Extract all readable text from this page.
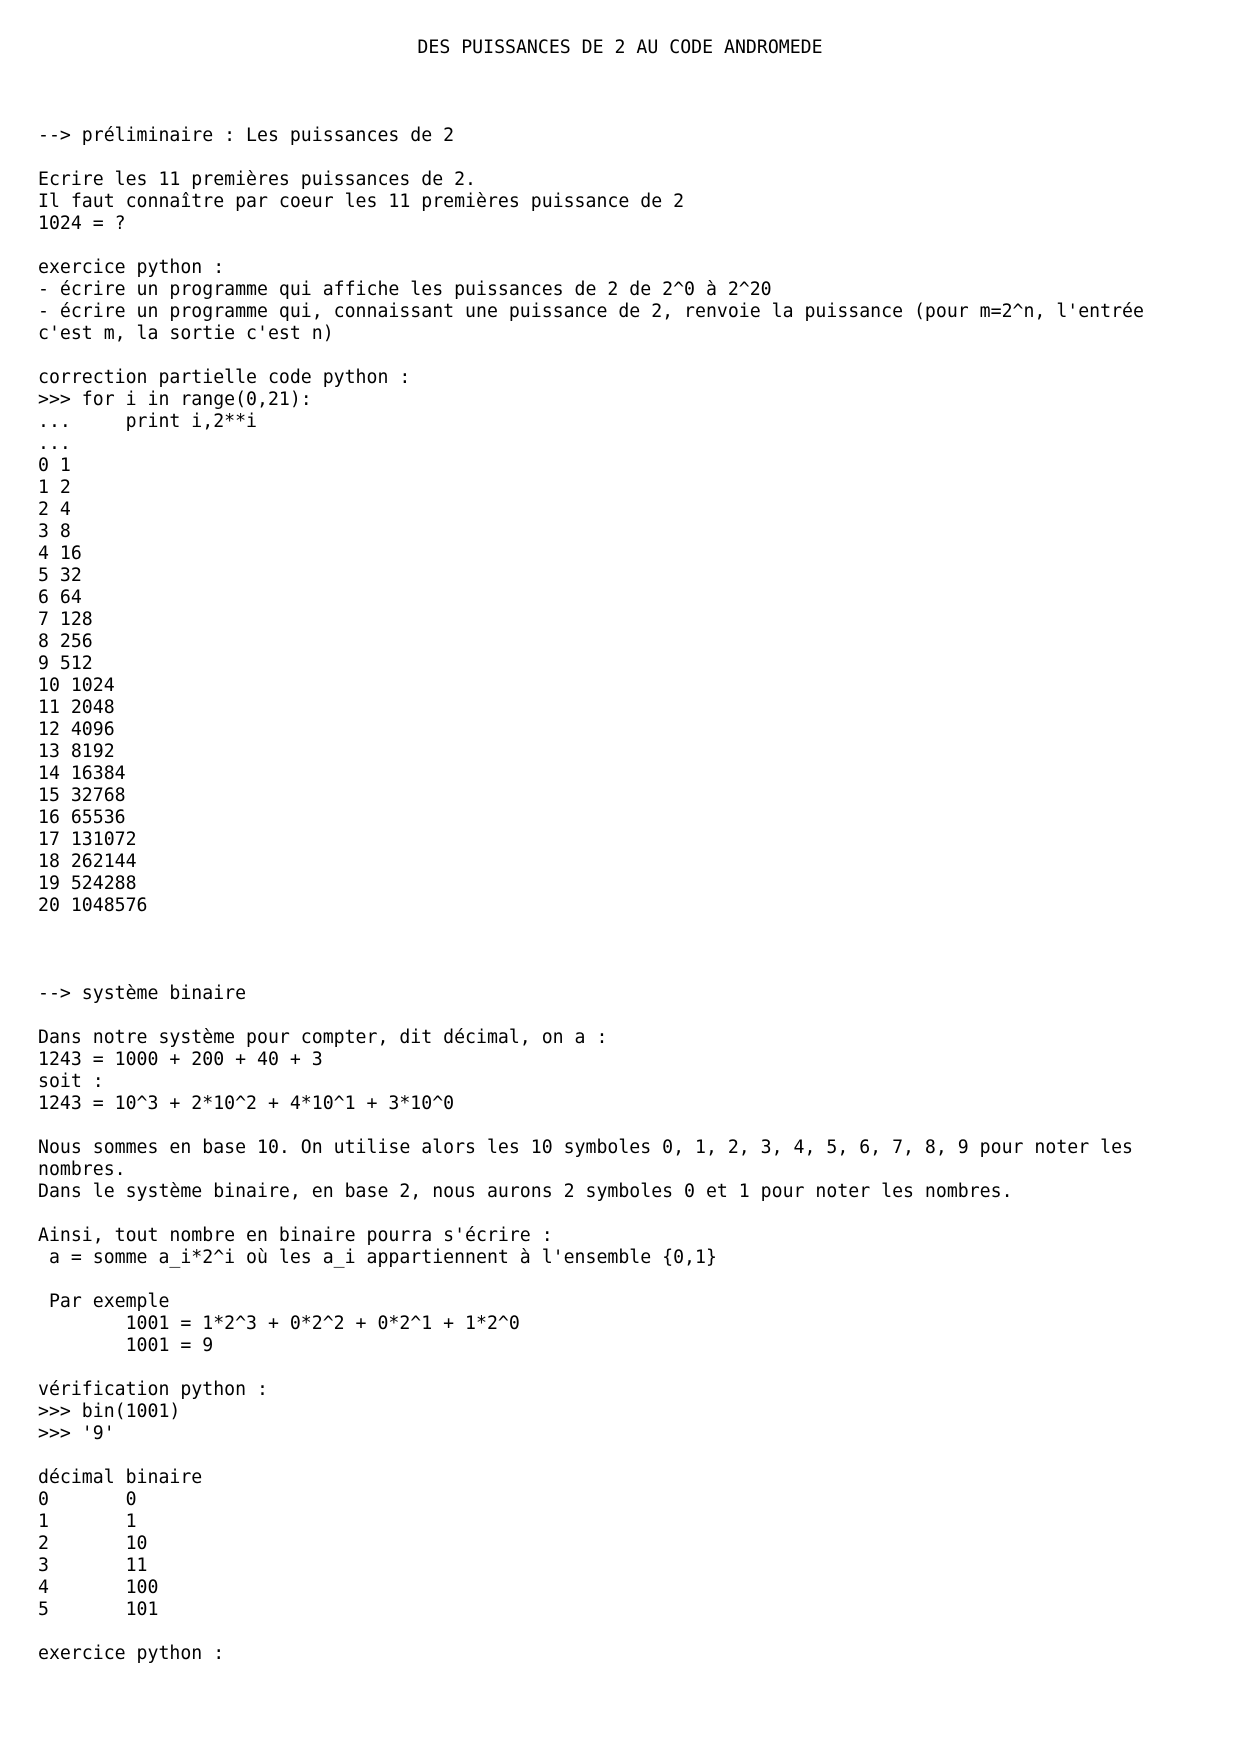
DES PUISSANCES DE 2 AU CODE ANDROMEDE
--> préliminaire : Les puissances de 2

Ecrire les 11 premières puissances de 2.
Il faut connaître par coeur les 11 premières puissance de 2
1024 = ?

exercice python :
- écrire un programme qui affiche les puissances de 2 de 2^0 à 2^20
- écrire un programme qui, connaissant une puissance de 2, renvoie la puissance (pour m=2^n, l'entrée
c'est m, la sortie c'est n)

correction partielle code python :
>>> for i in range(0,21):
...	print i,2**i
...
0 1
1 2
2 4
3 8
4 16
5 32
6 64
7 128
8 256
9 512
10 1024
11 2048
12 4096
13 8192
14 16384
15 32768
16 65536
17 131072
18 262144
19 524288
20 1048576

--> système binaire

Dans notre système pour compter, dit décimal, on a :
1243 = 1000 + 200 + 40 + 3
soit :
1243 = 10^3 + 2*10^2 + 4*10^1 + 3*10^0

Nous sommes en base 10. On utilise alors les 10 symboles 0, 1, 2, 3, 4, 5, 6, 7, 8, 9 pour noter les
nombres.
Dans le système binaire, en base 2, nous aurons 2 symboles 0 et 1 pour noter les nombres.

Ainsi, tout nombre en binaire pourra s'écrire :
a = somme a_i*2^i où les a_i appartiennent à l'ensemble {0,1}

Par exemple
	1001 = 1*2^3 + 0*2^2 + 0*2^1 + 1*2^0
	1001 = 9

vérification python :
>>> bin(1001)
>>> '9'

décimal binaire
0	0
1	1
2	10
3	11
4	100
5	101

exercice python :
